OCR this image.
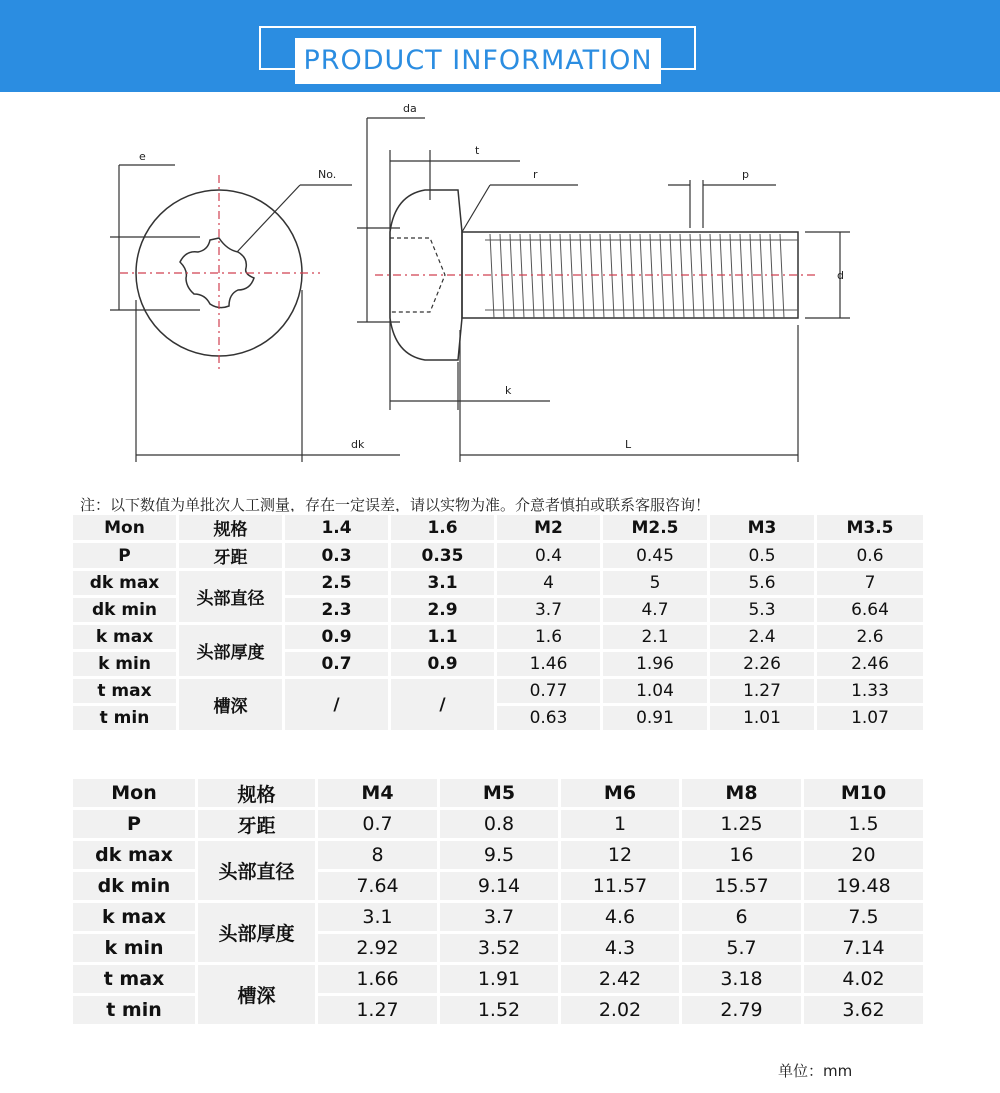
PRODUCT INFORMATION
e
No.
dk
da
t
r	p
d
k
L
注：以下数值为单批次人工测量，存在一定误差，请以实物为准。介意者慎拍或联系客服咨询！
Mon	规格	1.4	1.6	M2	M2.5	M3	M3.5
P	牙距	0.3	0.35	0.4	0.45	0.5	0.6
dk max	头部直径	2.5	3.1	4	5	5.6	7
dk min		2.3	2.9	3.7	4.7	5.3	6.64
k max	头部厚度	0.9	1.1	1.6	2.1	2.4	2.6
k min		0.7	0.9	1.46	1.96	2.26	2.46
t max	槽深	/	/	0.77	1.04	1.27	1.33
t min				0.63	0.91	1.01	1.07
Mon	规格	M4	M5	M6	M8	M10
P	牙距	0.7	0.8	1	1.25	1.5
dk max	头部直径	8	9.5	12	16	20
dk min		7.64	9.14	11.57	15.57	19.48
k max	头部厚度	3.1	3.7	4.6	6	7.5
k min		2.92	3.52	4.3	5.7	7.14
t max	槽深	1.66	1.91	2.42	3.18	4.02
t min		1.27	1.52	2.02	2.79	3.62
单位：mm
